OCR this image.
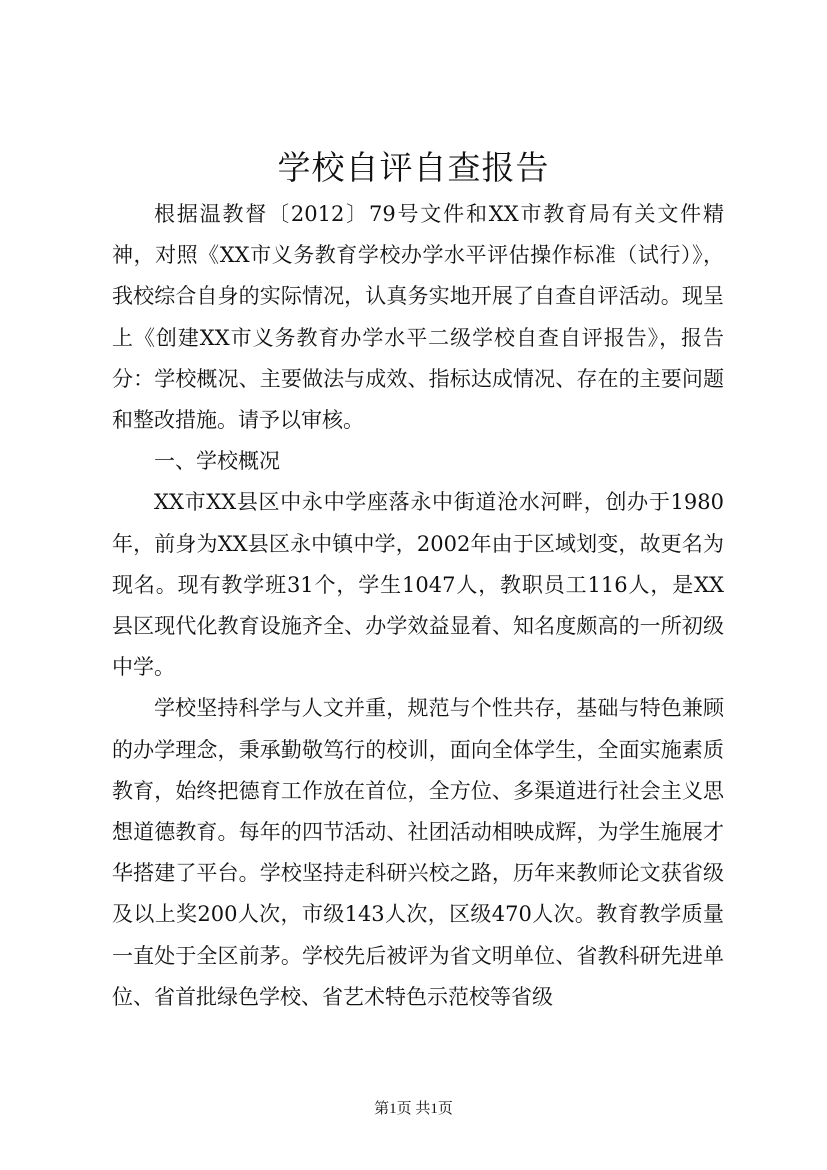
学校自评自查报告

根据温教督〔2012〕79号文件和XX市教育局有关文件精神，对照《XX市义务教育学校办学水平评估操作标准（试行）》，我校综合自身的实际情况，认真务实地开展了自查自评活动。现呈上《创建XX市义务教育办学水平二级学校自查自评报告》，报告分：学校概况、主要做法与成效、指标达成情况、存在的主要问题和整改措施。请予以审核。

一、学校概况

XX市XX县区中永中学座落永中街道沧水河畔，创办于1980年，前身为XX县区永中镇中学，2002年由于区域划变，故更名为现名。现有教学班31个，学生1047人，教职员工116人，是XX县区现代化教育设施齐全、办学效益显着、知名度颇高的一所初级中学。

学校坚持科学与人文并重，规范与个性共存，基础与特色兼顾的办学理念，秉承勤敬笃行的校训，面向全体学生，全面实施素质教育，始终把德育工作放在首位，全方位、多渠道进行社会主义思想道德教育。每年的四节活动、社团活动相映成辉，为学生施展才华搭建了平台。学校坚持走科研兴校之路，历年来教师论文获省级及以上奖200人次，市级143人次，区级470人次。教育教学质量一直处于全区前茅。学校先后被评为省文明单位、省教科研先进单位、省首批绿色学校、省艺术特色示范校等省级

第1页 共1页
